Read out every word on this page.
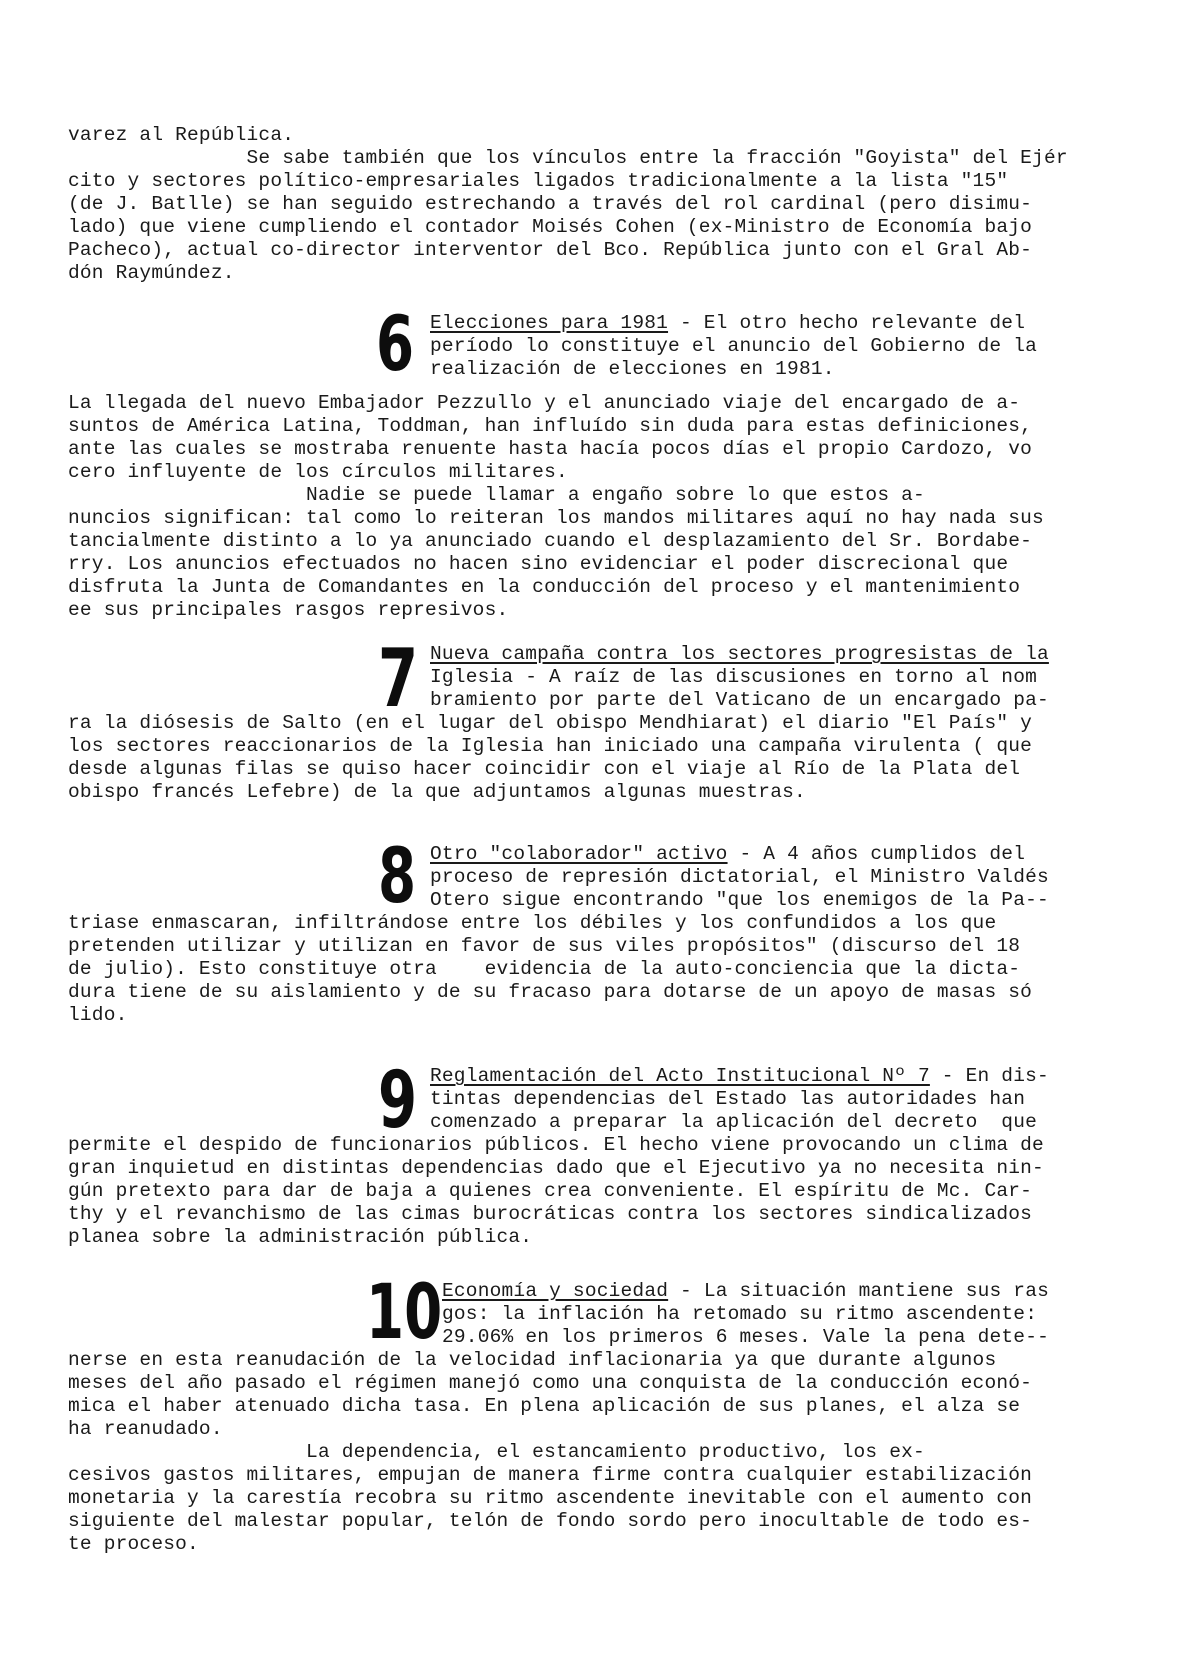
varez al República.
Se sabe también que los vínculos entre la fracción "Goyista" del Ejér
cito y sectores político-empresariales ligados tradicionalmente a la lista "15"
(de J. Batlle) se han seguido estrechando a través del rol cardinal (pero disimu-
lado) que viene cumpliendo el contador Moisés Cohen (ex-Ministro de Economía bajo
Pacheco), actual co-director interventor del Bco. República junto con el Gral Ab-
dón Raymúndez.
6 Elecciones para 1981 - El otro hecho relevante del
período lo constituye el anuncio del Gobierno de la
realización de elecciones en 1981.
La llegada del nuevo Embajador Pezzullo y el anunciado viaje del encargado de a-
suntos de América Latina, Toddman, han influído sin duda para estas definiciones,
ante las cuales se mostraba renuente hasta hacía pocos días el propio Cardozo, vo
cero influyente de los círculos militares.
Nadie se puede llamar a engaño sobre lo que estos a-
nuncios significan: tal como lo reiteran los mandos militares aquí no hay nada sus
tancialmente distinto a lo ya anunciado cuando el desplazamiento del Sr. Bordabe-
rry. Los anuncios efectuados no hacen sino evidenciar el poder discrecional que
disfruta la Junta de Comandantes en la conducción del proceso y el mantenimiento
ee sus principales rasgos represivos.
7 Nueva campaña contra los sectores progresistas de la
Iglesia - A raíz de las discusiones en torno al nom
bramiento por parte del Vaticano de un encargado pa-
ra la diósesis de Salto (en el lugar del obispo Mendhiarat) el diario "El País" y
los sectores reaccionarios de la Iglesia han iniciado una campaña virulenta ( que
desde algunas filas se quiso hacer coincidir con el viaje al Río de la Plata del
obispo francés Lefebre) de la que adjuntamos algunas muestras.
8 Otro "colaborador" activo - A 4 años cumplidos del
proceso de represión dictatorial, el Ministro Valdés
Otero sigue encontrando "que los enemigos de la Pa--
triase enmascaran, infiltrándose entre los débiles y los confundidos a los que
pretenden utilizar y utilizan en favor de sus viles propósitos" (discurso del 18
de julio). Esto constituye otra    evidencia de la auto-conciencia que la dicta-
dura tiene de su aislamiento y de su fracaso para dotarse de un apoyo de masas só
lido.
9 Reglamentación del Acto Institucional Nº 7 - En dis-
tintas dependencias del Estado las autoridades han
comenzado a preparar la aplicación del decreto  que
permite el despido de funcionarios públicos. El hecho viene provocando un clima de
gran inquietud en distintas dependencias dado que el Ejecutivo ya no necesita nin-
gún pretexto para dar de baja a quienes crea conveniente. El espíritu de Mc. Car-
thy y el revanchismo de las cimas burocráticas contra los sectores sindicalizados
planea sobre la administración pública.
10 Economía y sociedad - La situación mantiene sus ras
gos: la inflación ha retomado su ritmo ascendente:
29.06% en los primeros 6 meses. Vale la pena dete--
nerse en esta reanudación de la velocidad inflacionaria ya que durante algunos
meses del año pasado el régimen manejó como una conquista de la conducción econó-
mica el haber atenuado dicha tasa. En plena aplicación de sus planes, el alza se
ha reanudado.
La dependencia, el estancamiento productivo, los ex-
cesivos gastos militares, empujan de manera firme contra cualquier estabilización
monetaria y la carestía recobra su ritmo ascendente inevitable con el aumento con
siguiente del malestar popular, telón de fondo sordo pero inocultable de todo es-
te proceso.
